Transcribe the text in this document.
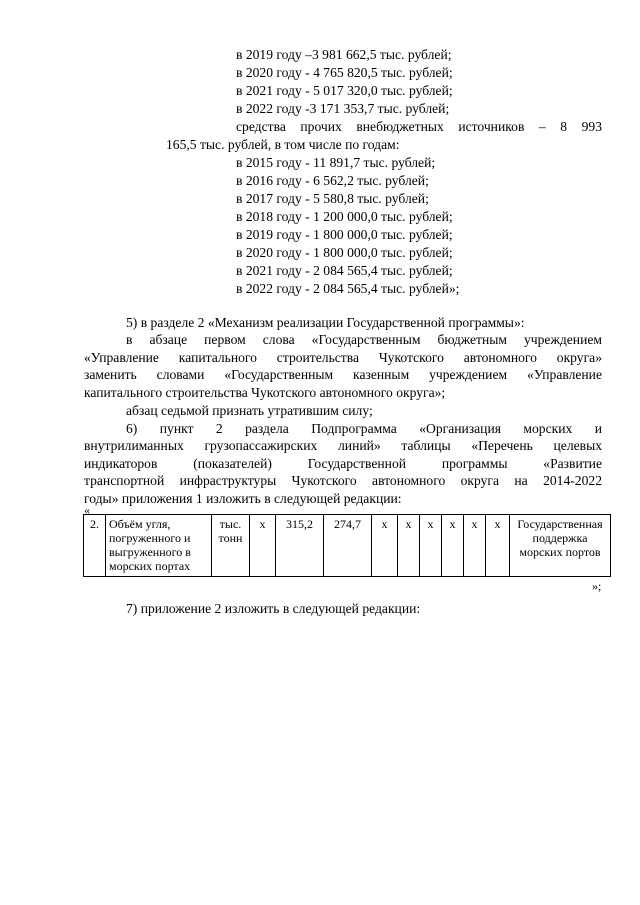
в 2019 году –3 981 662,5 тыс. рублей;
в 2020 году - 4 765 820,5 тыс. рублей;
в 2021 году - 5 017 320,0 тыс. рублей;
в 2022 году -3 171 353,7 тыс. рублей;
средства прочих внебюджетных источников – 8 993
165,5 тыс. рублей, в том числе по годам:
в 2015 году - 11 891,7 тыс. рублей;
в 2016 году - 6 562,2 тыс. рублей;
в 2017 году - 5 580,8 тыс. рублей;
в 2018 году - 1 200 000,0 тыс. рублей;
в 2019 году - 1 800 000,0 тыс. рублей;
в 2020 году - 1 800 000,0 тыс. рублей;
в 2021 году - 2 084 565,4 тыс. рублей;
в 2022 году - 2 084 565,4 тыс. рублей»;
5) в разделе 2 «Механизм реализации Государственной программы»:
в абзаце первом слова «Государственным бюджетным учреждением
«Управление капитального строительства Чукотского автономного округа»
заменить словами «Государственным казенным учреждением «Управление
капитального строительства Чукотского автономного округа»;
абзац седьмой признать утратившим силу;
6) пункт 2 раздела Подпрограмма «Организация морских и
внутрилиманных грузопассажирских линий» таблицы «Перечень целевых
индикаторов (показателей) Государственной программы «Развитие
транспортной инфраструктуры Чукотского автономного округа на 2014-2022
годы» приложения 1 изложить в следующей редакции:
«
2.	Объём угля, погруженного и выгруженного в морских портах	тыс. тонн	х	315,2	274,7	х	х	х	х	х	х	Государственная поддержка морских портов
»;
7) приложение 2 изложить в следующей редакции:
